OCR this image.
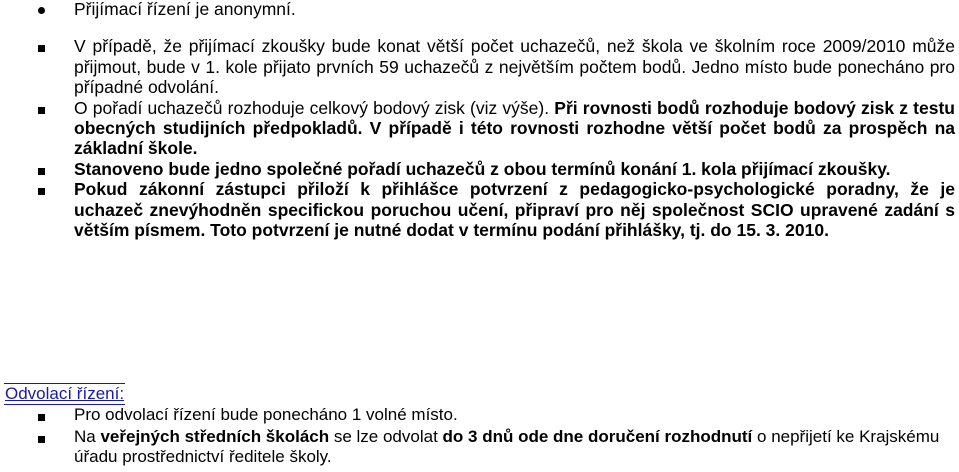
Přijímací řízení je anonymní.
V případě, že přijímací zkoušky bude konat větší počet uchazečů, než škola ve školním roce 2009/2010 může přijmout, bude v 1. kole přijato prvních 59 uchazečů z největším počtem bodů. Jedno místo bude ponecháno pro případné odvolání.
O pořadí uchazečů rozhoduje celkový bodový zisk (viz výše). Při rovnosti bodů rozhoduje bodový zisk z testu obecných studijních předpokladů. V případě i této rovnosti rozhodne větší počet bodů za prospěch na základní škole.
Stanoveno bude jedno společné pořadí uchazečů z obou termínů konání 1. kola přijímací zkoušky.
Pokud zákonní zástupci přiloží k přihlášce potvrzení z pedagogicko-psychologické poradny, že je uchazeč znevýhodněn specifickou poruchou učení, připraví pro něj společnost SCIO upravené zadání s větším písmem. Toto potvrzení je nutné dodat v termínu podání přihlášky, tj. do 15. 3. 2010.
Odvolací řízení:
Pro odvolací řízení bude ponecháno 1 volné místo.
Na veřejných středních školách se lze odvolat do 3 dnů ode dne doručení rozhodnutí o nepřijetí ke Krajskému úřadu prostřednictví ředitele školy.
